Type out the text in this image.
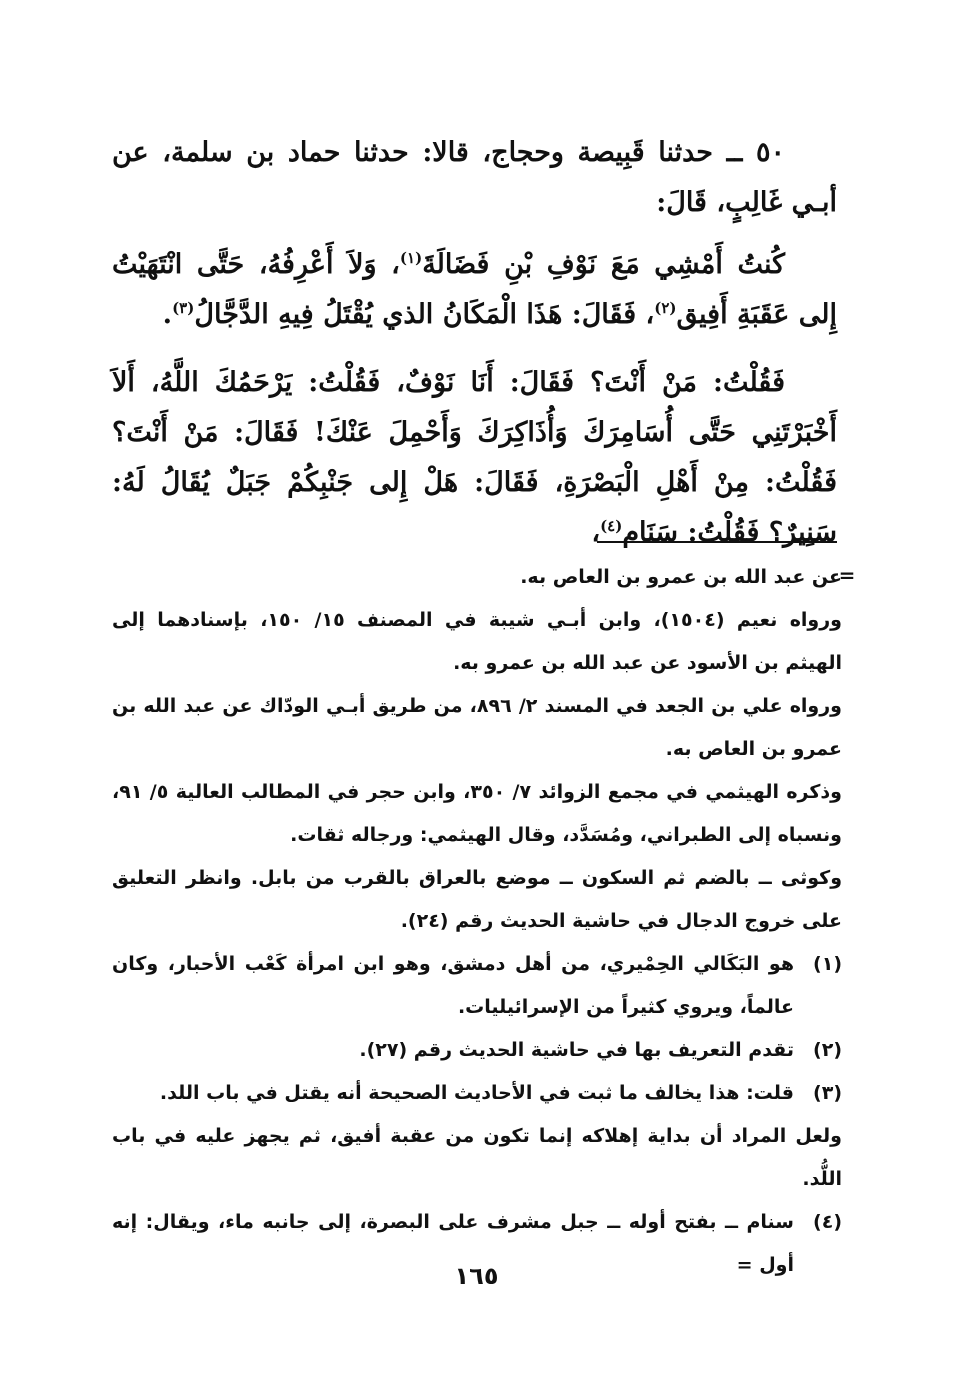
٥٠ ــ حدثنا قَبِيصة وحجاج، قالا: حدثنا حماد بن سلمة، عن أبـي غَالِبٍ، قَالَ:

كُنتُ أَمْشِي مَعَ نَوْفِ بْنِ فَضَالَةَ$^{(١)}$، وَلاَ أَعْرِفُهُ، حَتَّى انْتَهَيْتُ إِلى عَقَبَةِ أَفِيق$^{(٢)}$، فَقَالَ: هَذَا الْمَكَانُ الذي يُقْتَلُ فِيهِ الدَّجَّالُ$^{(٣)}$.

فَقُلْتُ: مَنْ أَنْتَ؟ فَقَالَ: أَنَا نَوْفٌ، فَقُلْتُ: يَرْحَمُكَ اللَّهُ، أَلاَ أَخْبَرْتَنِي حَتَّى أُسَامِرَكَ وَأُذَاكِرَكَ وَأَحْمِلَ عَنْكَ! فَقَالَ: مَنْ أَنْتَ؟ فَقُلْتُ: مِنْ أَهْلِ الْبَصْرَةِ، فَقَالَ: هَلْ إِلى جَنْبِكُمْ جَبَلٌ يُقَالُ لَهُ: سَنِيرٌ؟ فَقُلْتُ: سَنَام$^{(٤)}$،

=

عن عبد الله بن عمرو بن العاص به.

ورواه نعيم (١٥٠٤)، وابن أبـي شيبة في المصنف ١٥/ ١٥٠، بإسنادهما إلى الهيثم بن الأسود عن عبد الله بن عمرو به.

ورواه علي بن الجعد في المسند ٢/ ٨٩٦، من طريق أبـي الودّاك عن عبد الله بن عمرو بن العاص به.

وذكره الهيثمي في مجمع الزوائد ٧/ ٣٥٠، وابن حجر في المطالب العالية ٥/ ٩١، ونسباه إلى الطبراني، ومُسَدَّد، وقال الهيثمي: ورجاله ثقات.

وكوثى ــ بالضم ثم السكون ــ موضع بالعراق بالقرب من بابل. وانظر التعليق على خروج الدجال في حاشية الحديث رقم (٢٤).

(١)
هو البَكَالي الحِمْيري، من أهل دمشق، وهو ابن امرأة كَعْب الأحبار، وكان عالماً، ويروي كثيراً من الإسرائيليات.
(٢)
تقدم التعريف بها في حاشية الحديث رقم (٢٧).
(٣)
قلت: هذا يخالف ما ثبت في الأحاديث الصحيحة أنه يقتل في باب اللد.

ولعل المراد أن بداية إهلاكه إنما تكون من عقبة أفيق، ثم يجهز عليه في باب اللُّد.

(٤)
سنام ــ بفتح أوله ــ جبل مشرف على البصرة، إلى جانبه ماء، ويقال: إنه أول =
١٦٥
